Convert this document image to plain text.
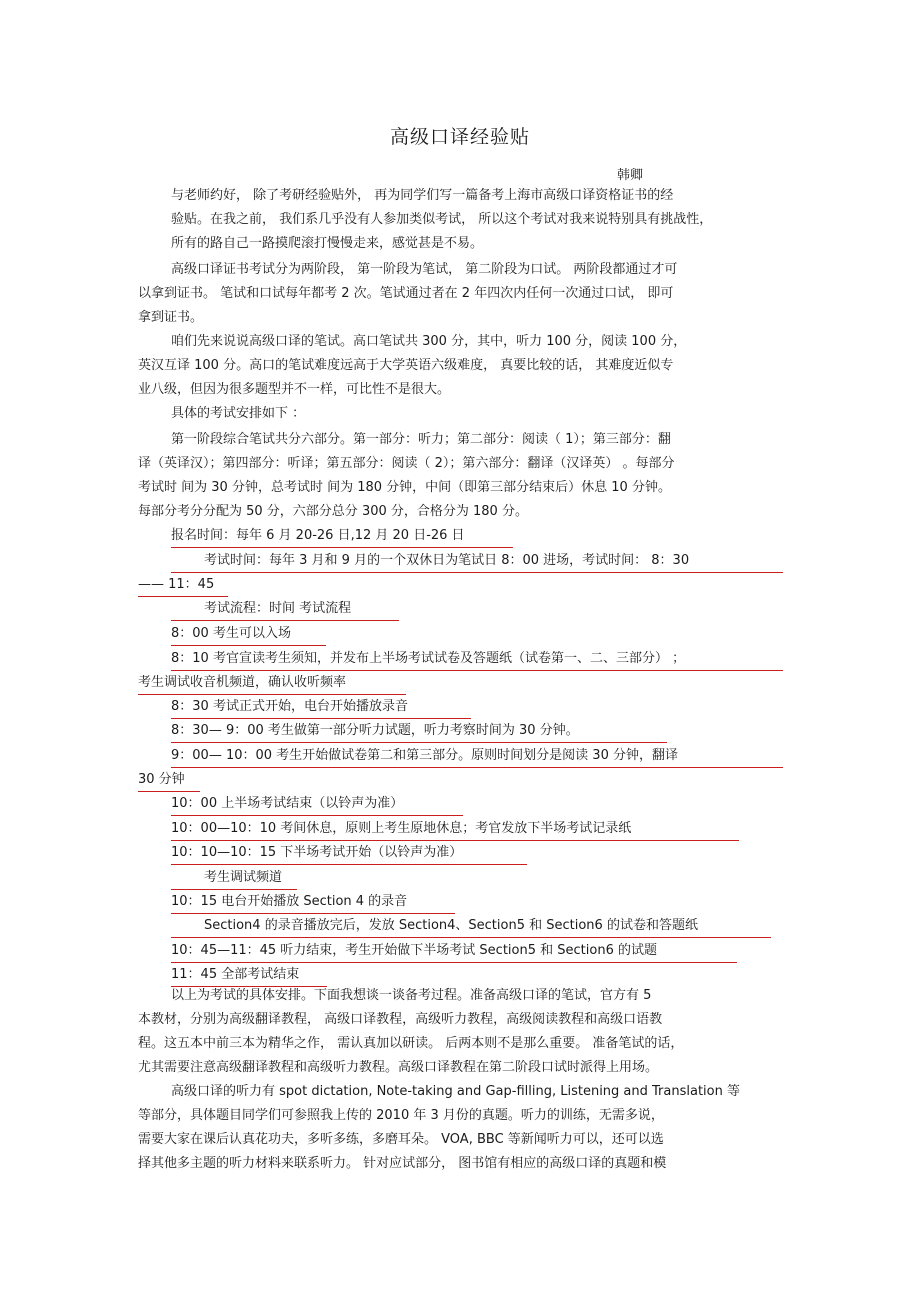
高级口译经验贴
韩卿

与老师约好， 除了考研经验贴外， 再为同学们写一篇备考上海市高级口译资格证书的经
验贴。在我之前， 我们系几乎没有人参加类似考试， 所以这个考试对我来说特别具有挑战性，
所有的路自己一路摸爬滚打慢慢走来，感觉甚是不易。

高级口译证书考试分为两阶段， 第一阶段为笔试， 第二阶段为口试。 两阶段都通过才可
以拿到证书。 笔试和口试每年都考 2 次。笔试通过者在 2 年四次内任何一次通过口试， 即可
拿到证书。

咱们先来说说高级口译的笔试。高口笔试共 300 分，其中，听力 100 分，阅读 100 分，
英汉互译 100 分。高口的笔试难度远高于大学英语六级难度， 真要比较的话， 其难度近似专
业八级，但因为很多题型并不一样，可比性不是很大。

具体的考试安排如下 ：

第一阶段综合笔试共分六部分。第一部分：听力；第二部分：阅读（ 1）；第三部分：翻
译（英译汉）；第四部分：听译；第五部分：阅读（ 2）；第六部分：翻译（汉译英） 。每部分
考试时 间为 30 分钟，总考试时 间为 180 分钟，中间（即第三部分结束后）休息 10 分钟。
每部分考分分配为 50 分，六部分总分 300 分，合格分为 180 分。

报名时间：每年 6 月 20-26 日,12 月 20 日-26 日
考试时间：每年 3 月和 9 月的一个双休日为笔试日 8：00 进场，考试时间： 8：30
—— 11：45
考试流程：时间 考试流程
8：00 考生可以入场
8：10 考官宣读考生须知，并发布上半场考试试卷及答题纸（试卷第一、二、三部分） ；
考生调试收音机频道，确认收听频率
8：30 考试正式开始，电台开始播放录音
8：30— 9：00 考生做第一部分听力试题，听力考察时间为 30 分钟。
9：00— 10：00 考生开始做试卷第二和第三部分。原则时间划分是阅读 30 分钟，翻译
30 分钟
10：00 上半场考试结束（以铃声为准）
10：00—10：10 考间休息，原则上考生原地休息；考官发放下半场考试记录纸
10：10—10：15 下半场考试开始（以铃声为准）
考生调试频道
10：15 电台开始播放 Section 4 的录音
Section4 的录音播放完后，发放 Section4、Section5 和 Section6 的试卷和答题纸
10：45—11：45 听力结束，考生开始做下半场考试 Section5 和 Section6 的试题
11：45 全部考试结束

以上为考试的具体安排。下面我想谈一谈备考过程。准备高级口译的笔试，官方有 5
本教材，分别为高级翻译教程， 高级口译教程，高级听力教程，高级阅读教程和高级口语教
程。这五本中前三本为精华之作， 需认真加以研读。 后两本则不是那么重要。 准备笔试的话，
尤其需要注意高级翻译教程和高级听力教程。高级口译教程在第二阶段口试时派得上用场。

高级口译的听力有 spot dictation, Note-taking and Gap-filling, Listening and Translation 等
等部分，具体题目同学们可参照我上传的 2010 年 3 月份的真题。听力的训练，无需多说，
需要大家在课后认真花功夫，多听多练，多磨耳朵。 VOA, BBC 等新闻听力可以，还可以选
择其他多主题的听力材料来联系听力。 针对应试部分， 图书馆有相应的高级口译的真题和模
